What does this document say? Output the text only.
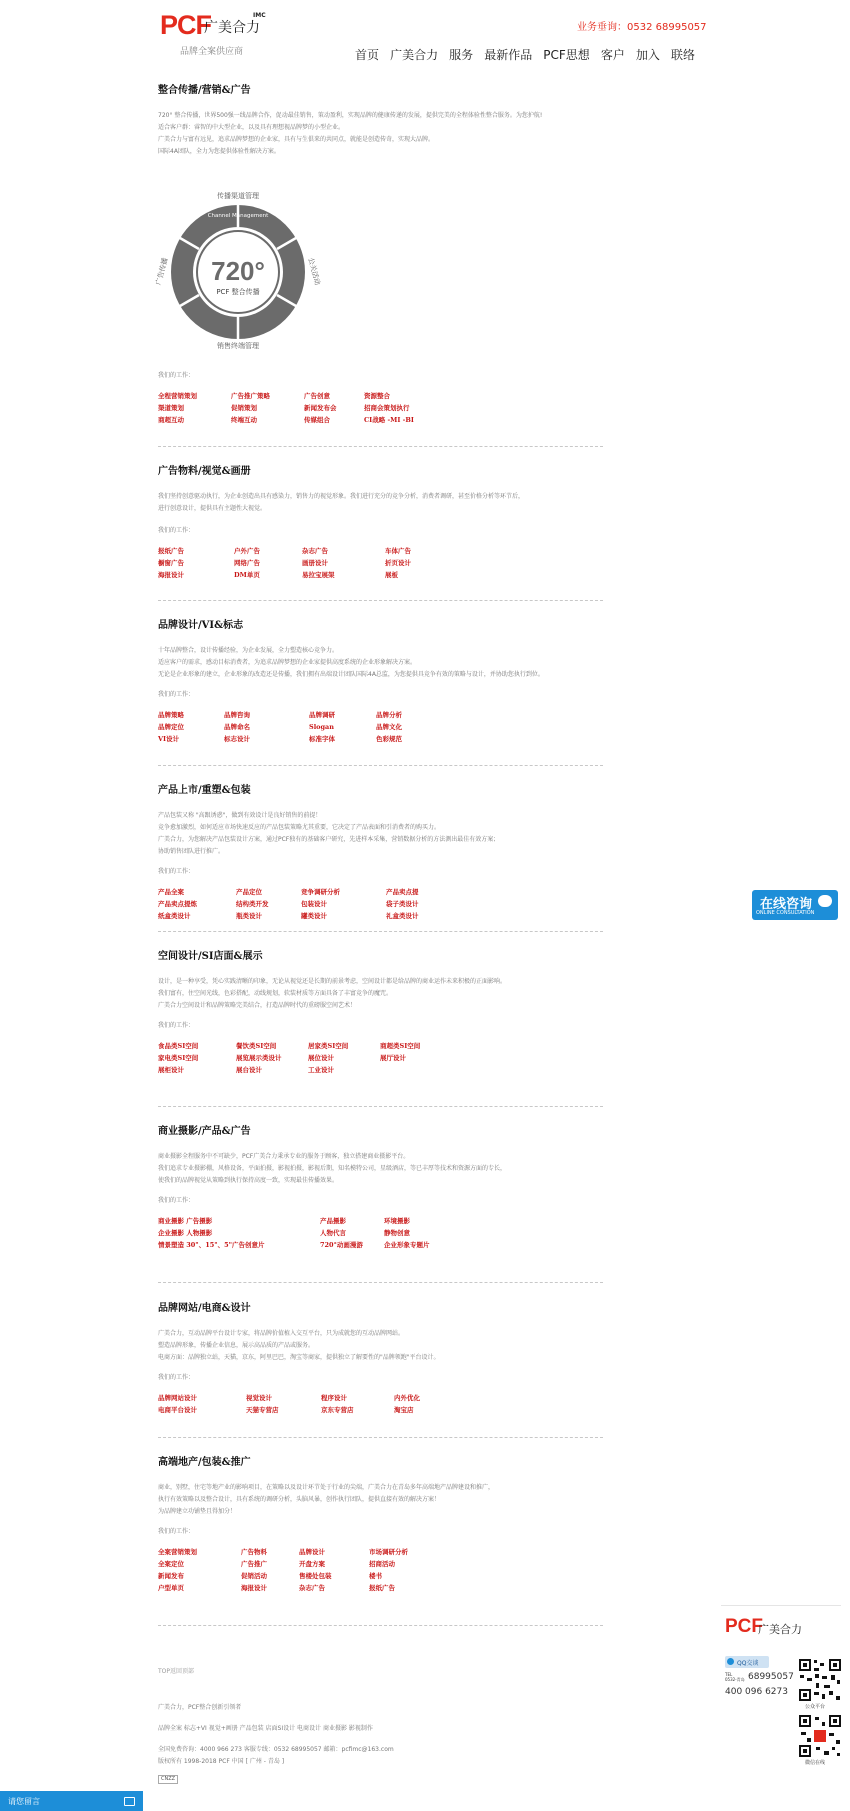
PCF
广美合力
IMC
品牌全案供应商
业务垂询：0532 68995057
首页 广美合力 服务 最新作品 PCF思想 客户 加入 联络
整合传播/营销&广告
720° 整合传播，世界500强一线品牌合作，促动最佳销售，策动盈利，实现品牌的健康传递的发展，提供完美的全程体验性整合服务。为您护航!
适合客户群：睿智的中大型企业，以及具有理想视品牌梦的小型企业。
广美合力与富有远见，追求品牌梦想的企业家，具有与生俱来的共同点，就能是创造传奇，实现大品牌。
国际4A团队，全力为您提供体验性解决方案。
传播渠道管理
Channel Management
销售终端管理
广告传播	公关活动
720°
PCF 整合传播
我们的工作：
全程营销策划	广告推广策略	广告创意	资源整合
渠道策划	促销策划	新闻发布会	招商会策划执行
商超互动	终端互动	传媒组合	CI战略 -MI -BI
广告物料/视觉&画册
我们坚持创意驱动执行，为企业创造出具有感染力，销售力的视觉形象。我们进行充分的竞争分析，消费者调研，甚至价格分析等环节后，
进行创意设计，提供具有主题性大视觉。
我们的工作：
报纸广告	户外广告	杂志广告	车体广告
橱窗广告	网络广告	画册设计	折页设计
海报设计	DM单页	易拉宝展架	展板
品牌设计/VI&标志
十年品牌整合，设计传播经验，为企业发展，全力塑造核心竞争力。
适应客户的需求，感动目标消费者，为追求品牌梦想的企业家提供高度系统的企业形象解决方案。
无论是企业形象的建立，企业形象的改造还是传播，我们拥有出端设计团队国际4A总监，为您提供具竞争有效的策略与设计，并协助您执行到位。
我们的工作：
品牌策略	品牌咨询	品牌调研	品牌分析
品牌定位	品牌命名	Slogan	品牌文化
VI设计	标志设计	标准字体	色彩规范
产品上市/重塑&包装
产品包装又称 "高跟诱惑"，做到有效设计是良好销售的前提！
竞争愈加激烈，如何适应市场快速反应的产品包装策略尤其重要，它决定了产品表面和引消费者的购买力。
广美合力，为您解决产品包装设计方案，通过PCF独有的基础客户研究，先进样本采集，营销数据分析的方法测出最佳有效方案；
协助销售团队进行推广。
我们的工作：
产品全案	产品定位	竞争调研分析	产品卖点提
产品卖点提炼	结构类开发	包装设计	袋子类设计
纸盒类设计	瓶类设计	罐类设计	礼盒类设计
空间设计/SI店面&展示
设计，是一种享受，凭心实践清晰的印象，无论从视觉还是长期的前景考虑，空间设计都是给品牌的商业运作未来积极的正面影响。
我们富有，住空间光线，色彩搭配，动线规划，软装材质等方面具备了丰富竞争的魔咒。
广美合力空间设计和品牌策略完美结合，打造品牌时代的重磅服空间艺术！
我们的工作：
食品类SI空间	餐饮类SI空间	居家类SI空间	商超类SI空间
家电类SI空间	展览展示类设计	展位设计	展厅设计
展柜设计	展台设计	工业设计
商业摄影/产品&广告
商业摄影全程服务中不可缺少，PCF广美合力秉承专业的服务于顾客，独立搭建商业摄影平台。
我们追求专业摄影棚，风格设备，平面拍摄，影视拍摄，影视后期，知名模特公司，星级酒店，等已丰厚等技术和资源方面的专长，
使我们的品牌视觉从策略到执行保持高度一致，实现最佳传播效果。
我们的工作：
商业摄影 广告摄影	产品摄影	环境摄影
企业摄影 人物摄影	人物代言	静物创意
情景塑造 30"、15"、5"广告创意片	720°动画漫游	企业形象专题片
品牌网站/电商&设计
广美合力，互动品牌平台设计专家，将品牌价值植入交互平台，只为成就您的互动品牌网站。
塑造品牌形象，传播企业信息，展示高品质的产品或服务。
电商方面：品牌独立站，天猫，京东，阿里巴巴，淘宝等商家，提供独立了解要性的"品牌领跑"平台设计。
我们的工作：
品牌网站设计	视觉设计	程序设计	内外优化
电商平台设计	天猫专营店	京东专营店	淘宝店
高端地产/包装&推广
商业，别墅，住宅等地产业的影响项目，在策略以及设计环节处于行业的尖端，广美合力在青岛多年高端地产品牌建设和推广，
执行有效策略以及整合设计，具有系统的调研分析，头脑风暴，创作执行团队，提供直接有效的解决方案！
为品牌建立功铺垫且得加分！
我们的工作：
全案营销策划	广告物料	品牌设计	市场调研分析
全案定位	广告推广	开盘方案	招商活动
新闻发布	促销活动	售楼处包装	楼书
户型单页	海报设计	杂志广告	报纸广告
TOP返回顶部
广美合力，PCF整合创新引领者
品牌全案 标志+VI 视觉+画册 产品包装 店面SI设计 电商设计 商业摄影 影视制作
全国免费咨询：4000 966 273 客服专线：0532 68995057 邮箱：pcfimc@163.com
版权所有 1998-2018 PCF 中国 [ 广州 - 青岛 ]
CNZZ
在线咨询
ONLINE CONSULTATION
PCF
广美合力
QQ交谈
TEL
0532-青岛 68995057
400 096 6273
公众平台
微信在线
请您留言
